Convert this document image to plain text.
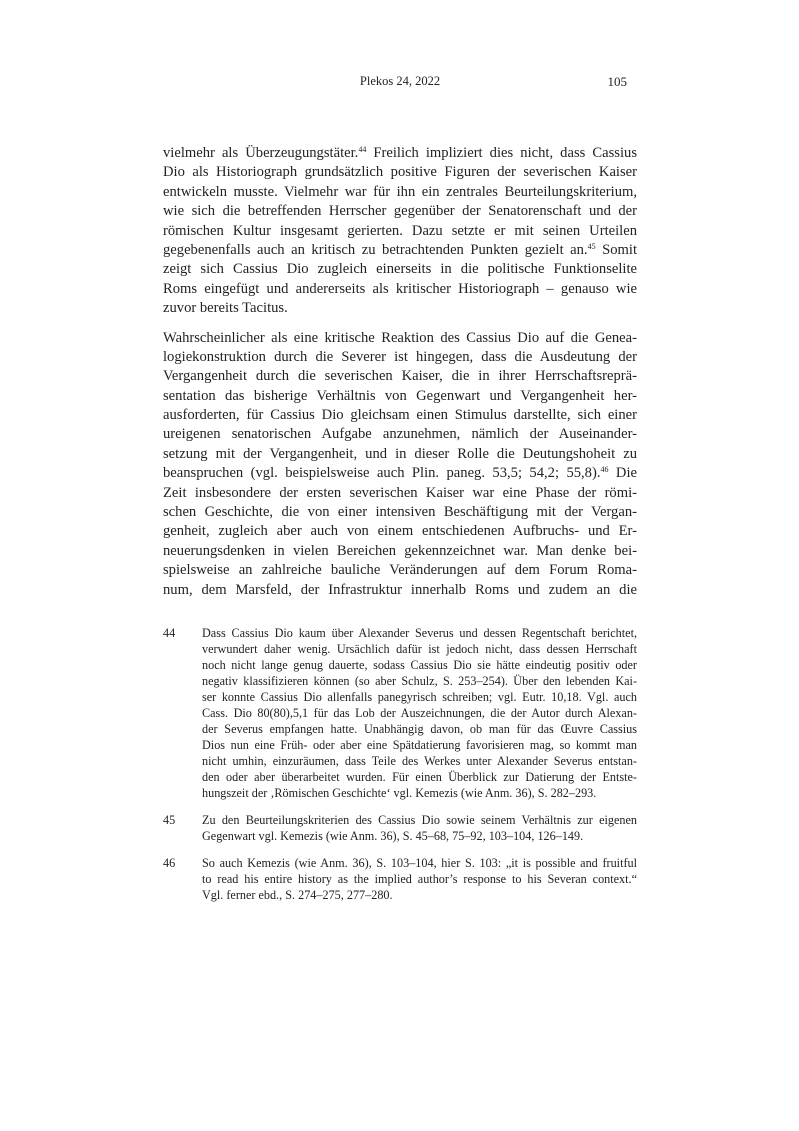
Plekos 24, 2022	105
vielmehr als Überzeugungstäter.$^{44}$ Freilich impliziert dies nicht, dass Cassius
Dio als Historiograph grundsätzlich positive Figuren der severischen Kaiser
entwickeln musste. Vielmehr war für ihn ein zentrales Beurteilungskriterium,
wie sich die betreffenden Herrscher gegenüber der Senatorenschaft und der
römischen Kultur insgesamt gerierten. Dazu setzte er mit seinen Urteilen
gegebenenfalls auch an kritisch zu betrachtenden Punkten gezielt an.$^{45}$ Somit
zeigt sich Cassius Dio zugleich einerseits in die politische Funktionselite
Roms eingefügt und andererseits als kritischer Historiograph – genauso wie
zuvor bereits Tacitus.
Wahrscheinlicher als eine kritische Reaktion des Cassius Dio auf die Genea-
logiekonstruktion durch die Severer ist hingegen, dass die Ausdeutung der
Vergangenheit durch die severischen Kaiser, die in ihrer Herrschaftsreprä-
sentation das bisherige Verhältnis von Gegenwart und Vergangenheit her-
ausforderten, für Cassius Dio gleichsam einen Stimulus darstellte, sich einer
ureigenen senatorischen Aufgabe anzunehmen, nämlich der Auseinander-
setzung mit der Vergangenheit, und in dieser Rolle die Deutungshoheit zu
beanspruchen (vgl. beispielsweise auch Plin. paneg. 53,5; 54,2; 55,8).$^{46}$ Die
Zeit insbesondere der ersten severischen Kaiser war eine Phase der römi-
schen Geschichte, die von einer intensiven Beschäftigung mit der Vergan-
genheit, zugleich aber auch von einem entschiedenen Aufbruchs- und Er-
neuerungsdenken in vielen Bereichen gekennzeichnet war. Man denke bei-
spielsweise an zahlreiche bauliche Veränderungen auf dem Forum Roma-
num, dem Marsfeld, der Infrastruktur innerhalb Roms und zudem an die
44 Dass Cassius Dio kaum über Alexander Severus und dessen Regentschaft berichtet,
verwundert daher wenig. Ursächlich dafür ist jedoch nicht, dass dessen Herrschaft
noch nicht lange genug dauerte, sodass Cassius Dio sie hätte eindeutig positiv oder
negativ klassifizieren können (so aber Schulz, S. 253–254). Über den lebenden Kai-
ser konnte Cassius Dio allenfalls panegyrisch schreiben; vgl. Eutr. 10,18. Vgl. auch
Cass. Dio 80(80),5,1 für das Lob der Auszeichnungen, die der Autor durch Alexan-
der Severus empfangen hatte. Unabhängig davon, ob man für das Œuvre Cassius
Dios nun eine Früh- oder aber eine Spätdatierung favorisieren mag, so kommt man
nicht umhin, einzuräumen, dass Teile des Werkes unter Alexander Severus entstan-
den oder aber überarbeitet wurden. Für einen Überblick zur Datierung der Entste-
hungszeit der ‚Römischen Geschichte‘ vgl. Kemezis (wie Anm. 36), S. 282–293.
45 Zu den Beurteilungskriterien des Cassius Dio sowie seinem Verhältnis zur eigenen
Gegenwart vgl. Kemezis (wie Anm. 36), S. 45–68, 75–92, 103–104, 126–149.
46 So auch Kemezis (wie Anm. 36), S. 103–104, hier S. 103: „it is possible and fruitful
to read his entire history as the implied author’s response to his Severan context.“
Vgl. ferner ebd., S. 274–275, 277–280.
